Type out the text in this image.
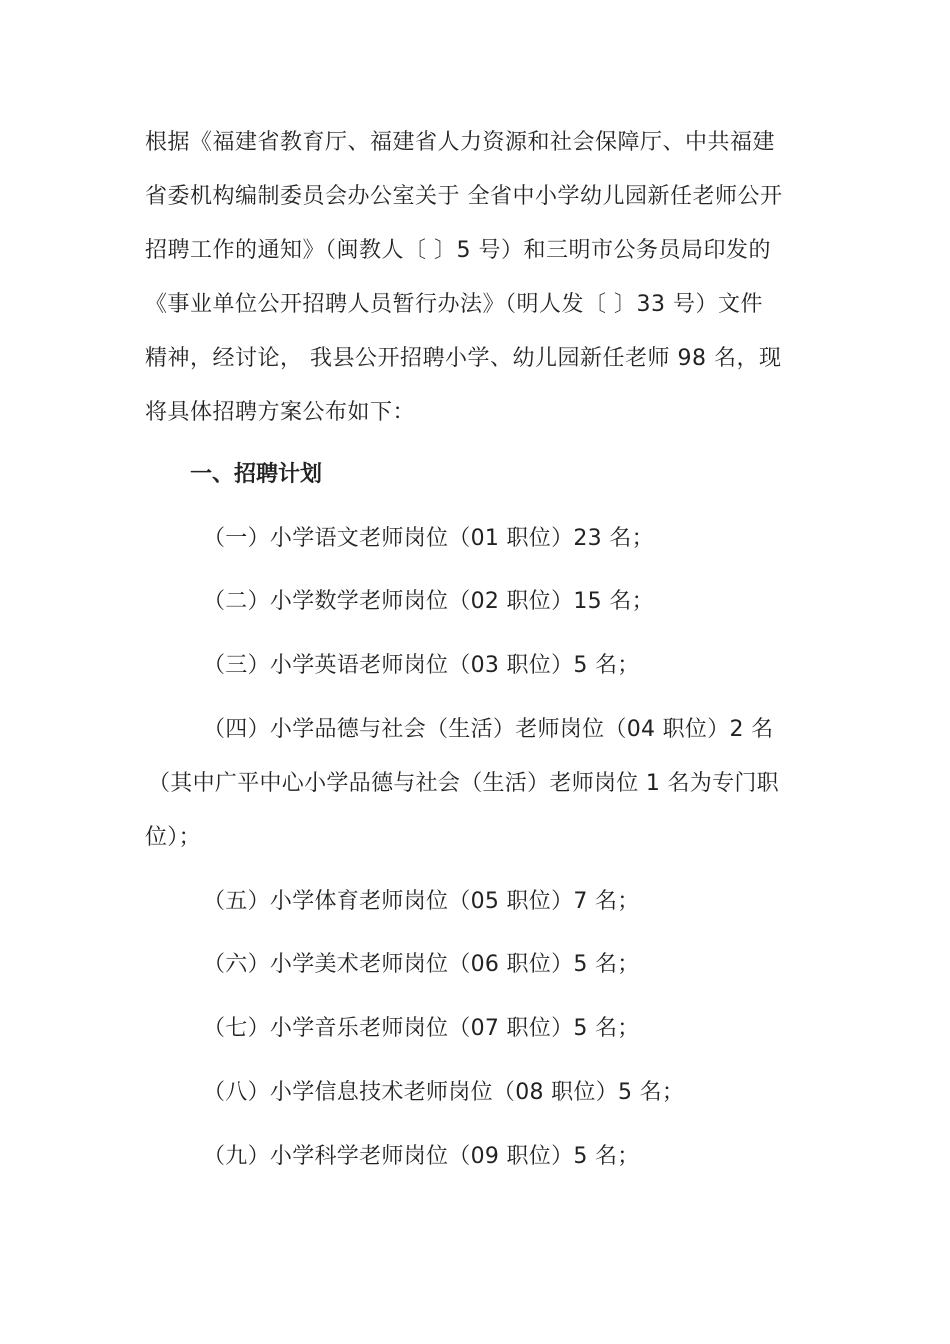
根据《福建省教育厅、福建省人力资源和社会保障厅、中共福建
省委机构编制委员会办公室关于 全省中小学幼儿园新任老师公开
招聘工作的通知》（闽教人〔 〕5 号）和三明市公务员局印发的
《事业单位公开招聘人员暂行办法》（明人发〔 〕33 号）文件
精神，经讨论， 我县公开招聘小学、幼儿园新任老师 98 名，现
将具体招聘方案公布如下：
一、招聘计划
（一）小学语文老师岗位（01 职位）23 名；
（二）小学数学老师岗位（02 职位）15 名；
（三）小学英语老师岗位（03 职位）5 名；
（四）小学品德与社会（生活）老师岗位（04 职位）2 名
（其中广平中心小学品德与社会（生活）老师岗位 1 名为专门职
位）；
（五）小学体育老师岗位（05 职位）7 名；
（六）小学美术老师岗位（06 职位）5 名；
（七）小学音乐老师岗位（07 职位）5 名；
（八）小学信息技术老师岗位（08 职位）5 名；
（九）小学科学老师岗位（09 职位）5 名；
